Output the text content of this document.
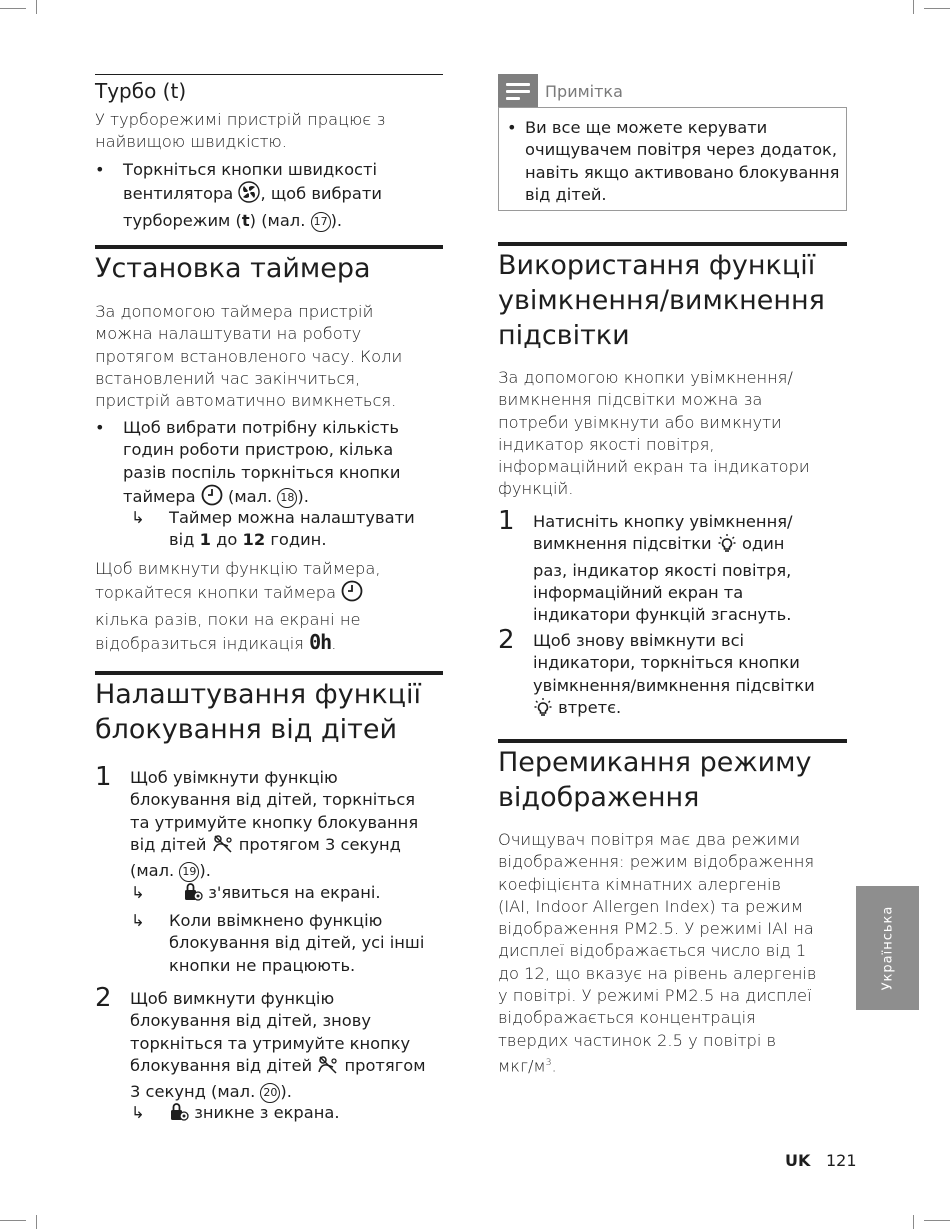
Турбо (t)

У турборежимі пристрій працює з найвищою швидкістю.

• Торкніться кнопки швидкості
вентилятора , щоб вибрати
турборежим (t) (мал. 17 ).
Установка таймера
За допомогою таймера пристрій
можна налаштувати на роботу
протягом встановленого часу. Коли
встановлений час закінчиться,
пристрій автоматично вимкнеться.
• Щоб вибрати потрібну кількість
годин роботи пристрою, кілька
разів поспіль торкніться кнопки
таймера  (мал. 18 ).
↳ Таймер можна налаштувати
від 1 до 12 годин.
Щоб вимкнути функцію таймера,
торкайтеся кнопки таймера
кілька разів, поки на екрані не
відобразиться індикація 0h.
Налаштування функції
блокування від дітей
1 Щоб увімкнути функцію
блокування від дітей, торкніться
та утримуйте кнопку блокування
від дітей  протягом 3 секунд
(мал. 19 ).
↳	з'явиться на екрані.
↳ Коли ввімкнено функцію
блокування від дітей, усі інші
кнопки не працюють.
2 Щоб вимкнути функцію
блокування від дітей, знову
торкніться та утримуйте кнопку
блокування від дітей  протягом
3 секунд (мал. 20 ).
↳	зникне з екрана.
Примітка
• Ви все ще можете керувати
очищувачем повітря через додаток,
навіть якщо активовано блокування
від дітей.
Використання функції
увімкнення/вимкнення
підсвітки
За допомогою кнопки увімкнення/
вимкнення підсвітки можна за
потреби увімкнути або вимкнути
індикатор якості повітря,
інформаційний екран та індикатори
функцій.
1 Натисніть кнопку увімкнення/
вимкнення підсвітки  один
раз, індикатор якості повітря,
інформаційний екран та
індикатори функцій згаснуть.
2 Щоб знову ввімкнути всі
індикатори, торкніться кнопки
увімкнення/вимкнення підсвітки
втретє.
Перемикання режиму
відображення
Очищувач повітря має два режими
відображення: режим відображення
коефіцієнта кімнатних алергенів
(IAI, Indoor Allergen Index) та режим
відображення PM2.5. У режимі IAI на
дисплеї відображається число від 1
до 12, що вказує на рівень алергенів
у повітрі. У режимі PM2.5 на дисплеї
відображається концентрація
твердих частинок 2.5 у повітрі в
мкг/$м^3$.
Українська
UK 121
